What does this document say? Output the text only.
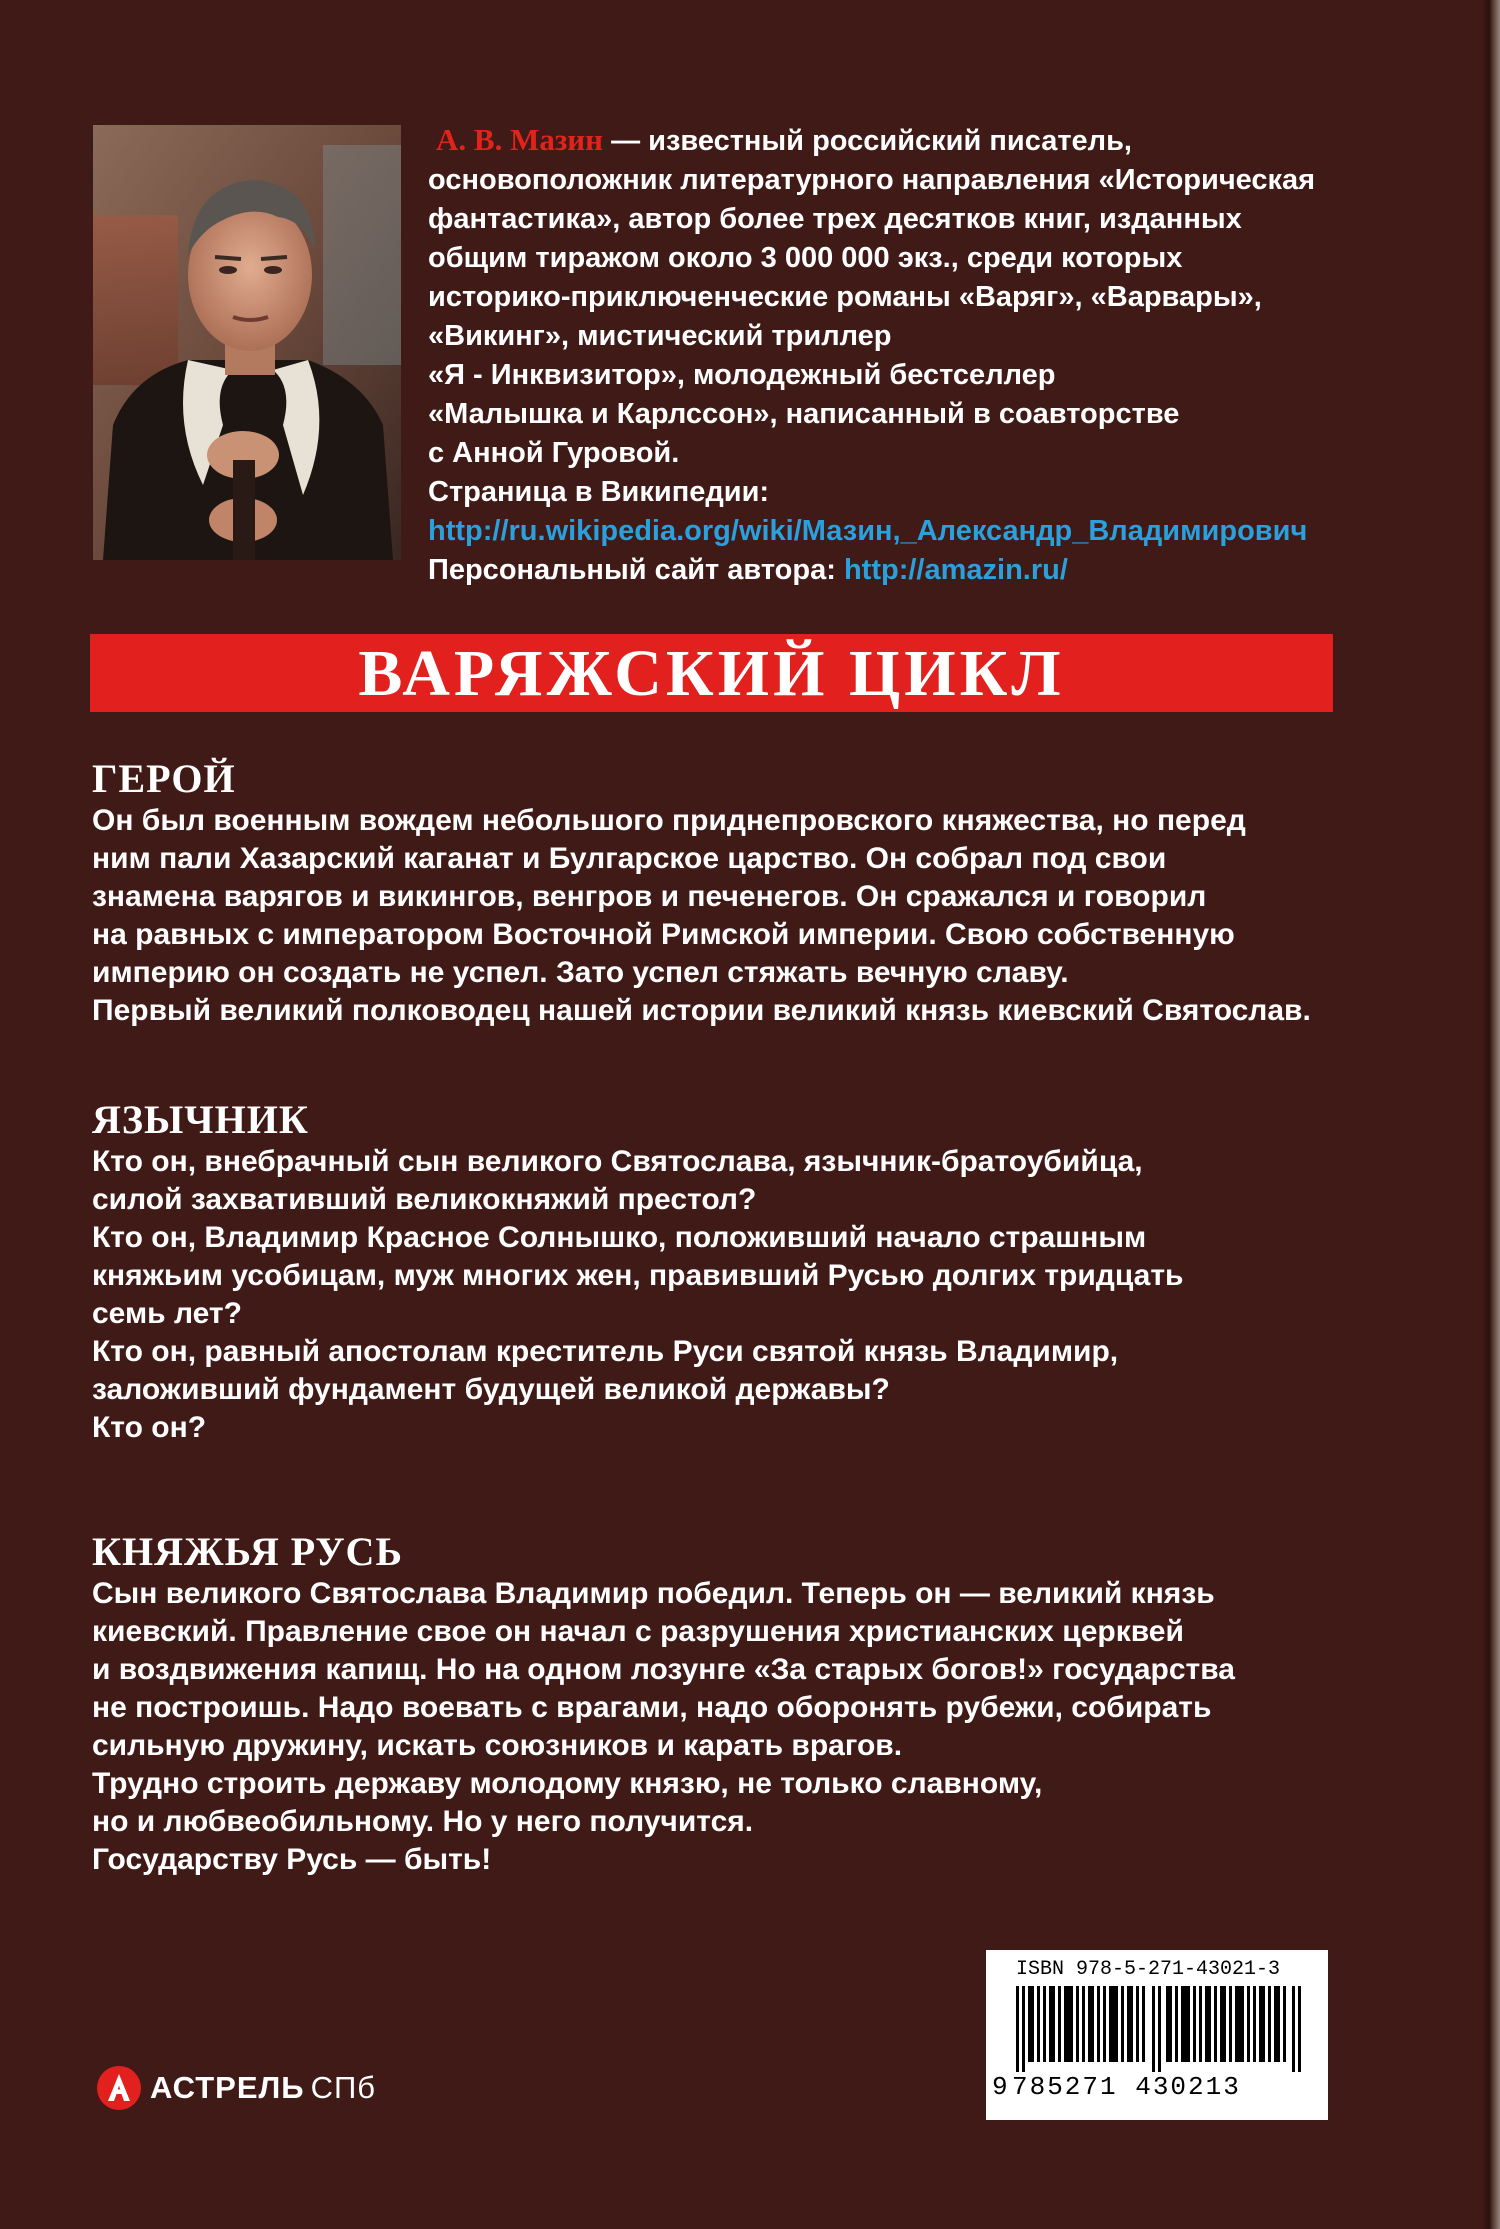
А. В. Мазин — известный российский писатель,
основоположник литературного направления «Историческая
фантастика», автор более трех десятков книг, изданных
общим тиражом около 3 000 000 экз., среди которых
историко-приключенческие романы «Варяг», «Варвары»,
«Викинг», мистический триллер
«Я - Инквизитор», молодежный бестселлер
«Малышка и Карлссон», написанный в соавторстве
с Анной Гуровой.
Страница в Википедии:
http://ru.wikipedia.org/wiki/Мазин,_Александр_Владимирович
Персональный сайт автора: http://amazin.ru/
ВАРЯЖСКИЙ ЦИКЛ
ГЕРОЙ
Он был военным вождем небольшого приднепровского княжества, но перед
ним пали Хазарский каганат и Булгарское царство. Он собрал под свои
знамена варягов и викингов, венгров и печенегов. Он сражался и говорил
на равных с императором Восточной Римской империи. Свою собственную
империю он создать не успел. Зато успел стяжать вечную славу.
Первый великий полководец нашей истории великий князь киевский Святослав.
ЯЗЫЧНИК
Кто он, внебрачный сын великого Святослава, язычник-братоубийца,
силой захвативший великокняжий престол?
Кто он, Владимир Красное Солнышко, положивший начало страшным
княжьим усобицам, муж многих жен, правивший Русью долгих тридцать
семь лет?
Кто он, равный апостолам креститель Руси святой князь Владимир,
заложивший фундамент будущей великой державы?
Кто он?
КНЯЖЬЯ РУСЬ
Сын великого Святослава Владимир победил. Теперь он — великий князь
киевский. Правление свое он начал с разрушения христианских церквей
и воздвижения капищ. Но на одном лозунге «За старых богов!» государства
не построишь. Надо воевать с врагами, надо оборонять рубежи, собирать
сильную дружину, искать союзников и карать врагов.
Трудно строить державу молодому князю, не только славному,
но и любвеобильному. Но у него получится.
Государству Русь — быть!
ISBN 978-5-271-43021-3
9 785271 430213
АСТРЕЛЬ СПб
